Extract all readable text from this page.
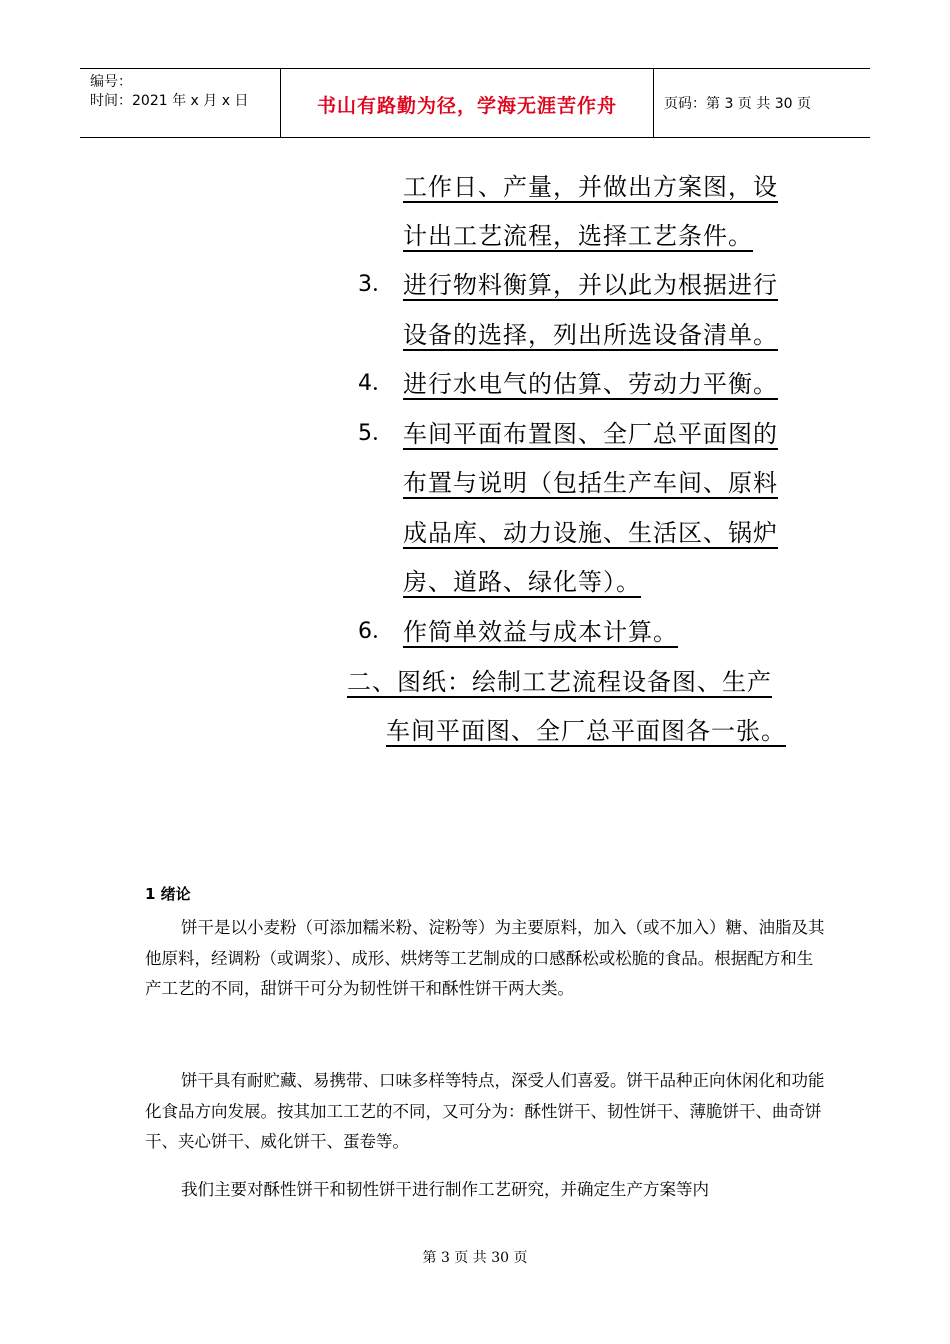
编号：
时间：2021 年 x 月 x 日	书山有路勤为径，学海无涯苦作舟	页码：第 3 页 共 30 页
工作日、产量，并做出方案图，设
计出工艺流程，选择工艺条件。
3． 进行物料衡算，并以此为根据进行
设备的选择，列出所选设备清单。
4． 进行水电气的估算、劳动力平衡。
5． 车间平面布置图、全厂总平面图的
布置与说明（包括生产车间、原料
成品库、动力设施、生活区、锅炉
房、道路、绿化等）。
6． 作简单效益与成本计算。
二、图纸：绘制工艺流程设备图、生产
车间平面图、全厂总平面图各一张。
1 绪论
饼干是以小麦粉（可添加糯米粉、淀粉等）为主要原料，加入（或不加入）糖、油脂及其他原料，经调粉（或调浆）、成形、烘烤等工艺制成的口感酥松或松脆的食品。根据配方和生产工艺的不同，甜饼干可分为韧性饼干和酥性饼干两大类。
饼干具有耐贮藏、易携带、口味多样等特点，深受人们喜爱。饼干品种正向休闲化和功能化食品方向发展。按其加工工艺的不同，又可分为：酥性饼干、韧性饼干、薄脆饼干、曲奇饼干、夹心饼干、威化饼干、蛋卷等。
我们主要对酥性饼干和韧性饼干进行制作工艺研究，并确定生产方案等内
第 3 页 共 30 页
